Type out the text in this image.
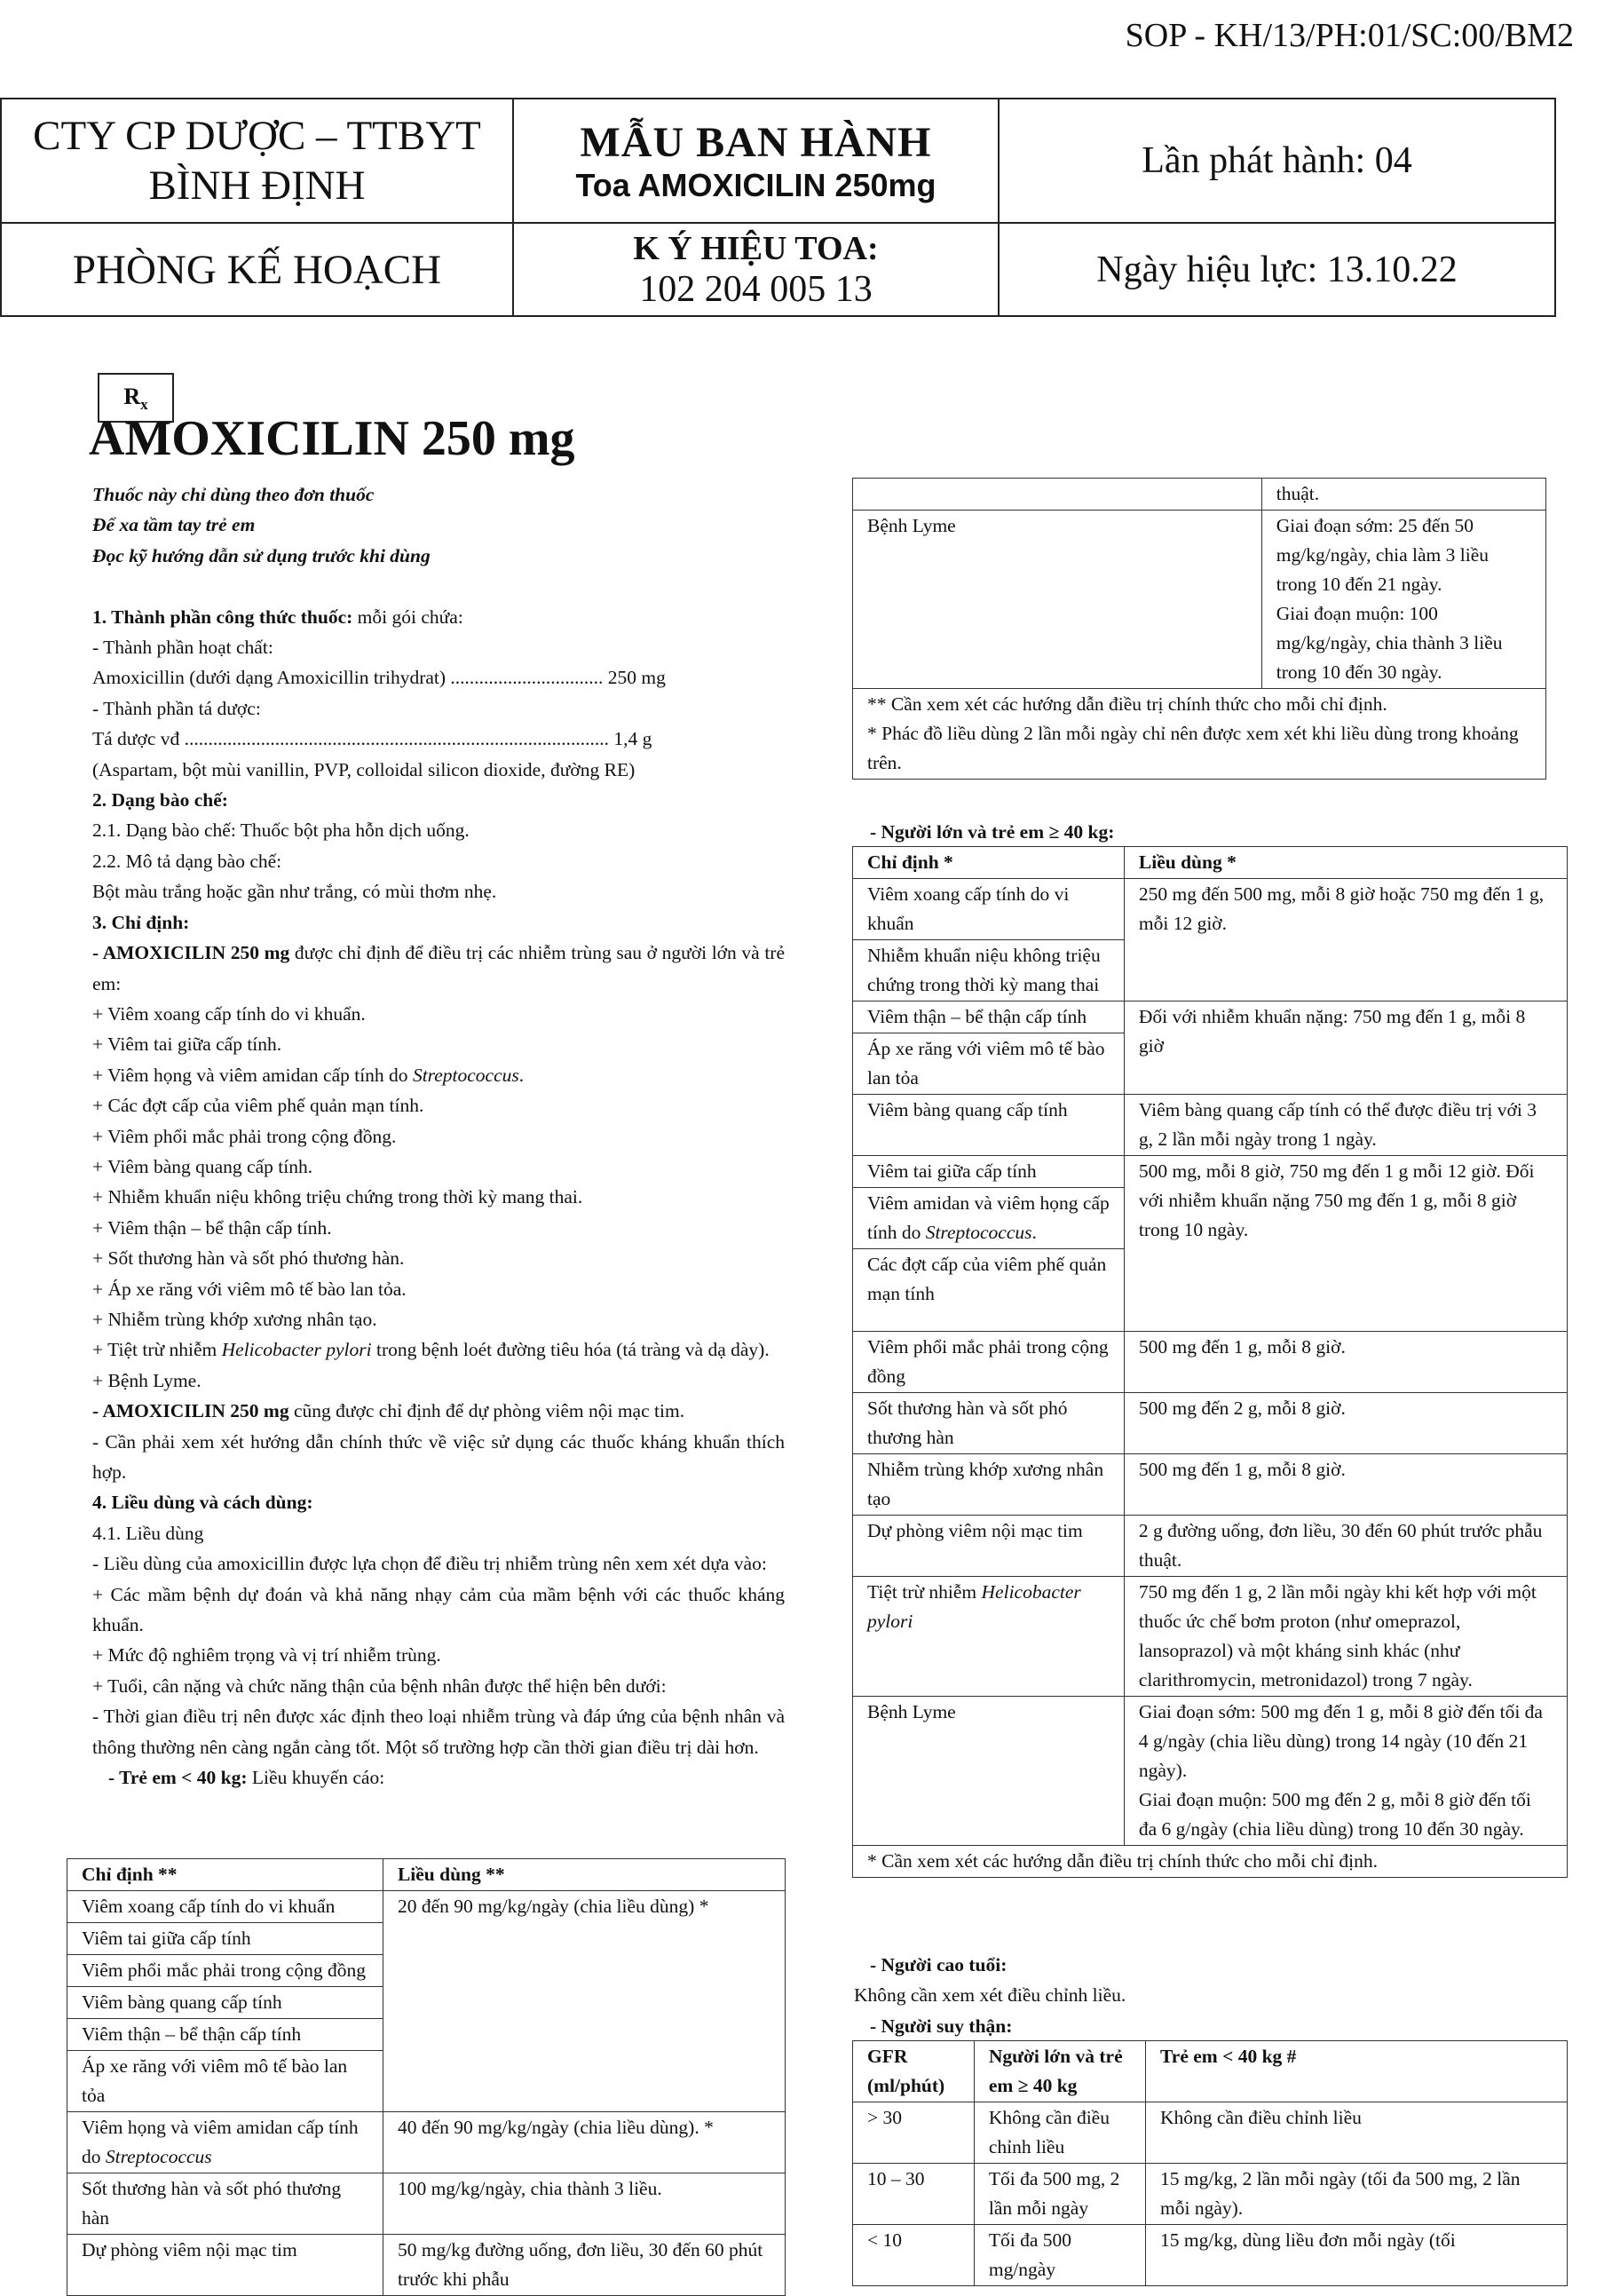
SOP - KH/13/PH:01/SC:00/BM2
CTY CP DƯỢC – TTBYT BÌNH ĐỊNH	MẪU BAN HÀNH
Toa AMOXICILIN 250mg	Lần phát hành: 04
PHÒNG KẾ HOẠCH	K Ý HIỆU TOA:
102 204 005 13	Ngày hiệu lực: 13.10.22
$R_x$
AMOXICILIN 250 mg

Thuốc này chỉ dùng theo đơn thuốc

Để xa tầm tay trẻ em

Đọc kỹ hướng dẫn sử dụng trước khi dùng

1. Thành phần công thức thuốc: mỗi gói chứa:

- Thành phần hoạt chất:

Amoxicillin (dưới dạng Amoxicillin trihydrat) ................................ 250 mg

- Thành phần tá dược:

Tá dược vđ ......................................................................................... 1,4 g

(Aspartam, bột mùi vanillin, PVP, colloidal silicon dioxide, đường RE)

2. Dạng bào chế:

2.1. Dạng bào chế: Thuốc bột pha hỗn dịch uống.

2.2. Mô tả dạng bào chế:

Bột màu trắng hoặc gần như trắng, có mùi thơm nhẹ.

3. Chỉ định:

- AMOXICILIN 250 mg được chỉ định để điều trị các nhiễm trùng sau ở người lớn và trẻ em:

+ Viêm xoang cấp tính do vi khuẩn.

+ Viêm tai giữa cấp tính.

+ Viêm họng và viêm amidan cấp tính do Streptococcus.

+ Các đợt cấp của viêm phế quản mạn tính.

+ Viêm phổi mắc phải trong cộng đồng.

+ Viêm bàng quang cấp tính.

+ Nhiễm khuẩn niệu không triệu chứng trong thời kỳ mang thai.

+ Viêm thận – bể thận cấp tính.

+ Sốt thương hàn và sốt phó thương hàn.

+ Áp xe răng với viêm mô tế bào lan tỏa.

+ Nhiễm trùng khớp xương nhân tạo.

+ Tiệt trừ nhiễm Helicobacter pylori trong bệnh loét đường tiêu hóa (tá tràng và dạ dày).

+ Bệnh Lyme.

- AMOXICILIN 250 mg cũng được chỉ định để dự phòng viêm nội mạc tim.

- Cần phải xem xét hướng dẫn chính thức về việc sử dụng các thuốc kháng khuẩn thích hợp.

4. Liều dùng và cách dùng:

4.1. Liều dùng

- Liều dùng của amoxicillin được lựa chọn để điều trị nhiễm trùng nên xem xét dựa vào:

+ Các mầm bệnh dự đoán và khả năng nhạy cảm của mầm bệnh với các thuốc kháng khuẩn.

+ Mức độ nghiêm trọng và vị trí nhiễm trùng.

+ Tuổi, cân nặng và chức năng thận của bệnh nhân được thể hiện bên dưới:

- Thời gian điều trị nên được xác định theo loại nhiễm trùng và đáp ứng của bệnh nhân và thông thường nên càng ngắn càng tốt. Một số trường hợp cần thời gian điều trị dài hơn.

- Trẻ em < 40 kg: Liều khuyến cáo:

Chỉ định **	Liều dùng **
Viêm xoang cấp tính do vi khuẩn	20 đến 90 mg/kg/ngày (chia liều dùng) *
Viêm tai giữa cấp tính	
Viêm phổi mắc phải trong cộng đồng	
Viêm bàng quang cấp tính	
Viêm thận – bể thận cấp tính	
Áp xe răng với viêm mô tế bào lan tỏa	
Viêm họng và viêm amidan cấp tính do Streptococcus	40 đến 90 mg/kg/ngày (chia liều dùng). *
Sốt thương hàn và sốt phó thương hàn	100 mg/kg/ngày, chia thành 3 liều.
Dự phòng viêm nội mạc tim	50 mg/kg đường uống, đơn liều, 30 đến 60 phút trước khi phẫu
	thuật.
Bệnh Lyme	Giai đoạn sớm: 25 đến 50 mg/kg/ngày, chia làm 3 liều trong 10 đến 21 ngày.
Giai đoạn muộn: 100 mg/kg/ngày, chia thành 3 liều trong 10 đến 30 ngày.

** Cần xem xét các hướng dẫn điều trị chính thức cho mỗi chỉ định.
* Phác đồ liều dùng 2 lần mỗi ngày chỉ nên được xem xét khi liều dùng trong khoảng trên.	
- Người lớn và trẻ em ≥ 40 kg:
Chỉ định *	Liều dùng *
Viêm xoang cấp tính do vi khuẩn	250 mg đến 500 mg, mỗi 8 giờ hoặc 750 mg đến 1 g, mỗi 12 giờ.
Nhiễm khuẩn niệu không triệu chứng trong thời kỳ mang thai	
Viêm thận – bể thận cấp tính	Đối với nhiễm khuẩn nặng: 750 mg đến 1 g, mỗi 8 giờ
Áp xe răng với viêm mô tế bào lan tỏa	
Viêm bàng quang cấp tính	Viêm bàng quang cấp tính có thể được điều trị với 3 g, 2 lần mỗi ngày trong 1 ngày.
Viêm tai giữa cấp tính	500 mg, mỗi 8 giờ, 750 mg đến 1 g mỗi 12 giờ. Đối với nhiễm khuẩn nặng 750 mg đến 1 g, mỗi 8 giờ trong 10 ngày.
Viêm amidan và viêm họng cấp tính do Streptococcus.	
Các đợt cấp của viêm phế quản mạn tính	
Viêm phổi mắc phải trong cộng đồng	500 mg đến 1 g, mỗi 8 giờ.
Sốt thương hàn và sốt phó thương hàn	500 mg đến 2 g, mỗi 8 giờ.
Nhiễm trùng khớp xương nhân tạo	500 mg đến 1 g, mỗi 8 giờ.
Dự phòng viêm nội mạc tim	2 g đường uống, đơn liều, 30 đến 60 phút trước phẫu thuật.
Tiệt trừ nhiễm Helicobacter pylori	750 mg đến 1 g, 2 lần mỗi ngày khi kết hợp với một thuốc ức chế bơm proton (như omeprazol, lansoprazol) và một kháng sinh khác (như clarithromycin, metronidazol) trong 7 ngày.
Bệnh Lyme	Giai đoạn sớm: 500 mg đến 1 g, mỗi 8 giờ đến tối đa 4 g/ngày (chia liều dùng) trong 14 ngày (10 đến 21 ngày).
Giai đoạn muộn: 500 mg đến 2 g, mỗi 8 giờ đến tối đa 6 g/ngày (chia liều dùng) trong 10 đến 30 ngày.

* Cần xem xét các hướng dẫn điều trị chính thức cho mỗi chỉ định.	

- Người cao tuổi:

Không cần xem xét điều chỉnh liều.

- Người suy thận:

GFR (ml/phút)	Người lớn và trẻ em ≥ 40 kg	Trẻ em < 40 kg #
> 30	Không cần điều chỉnh liều	Không cần điều chỉnh liều
10 – 30	Tối đa 500 mg, 2 lần mỗi ngày	15 mg/kg, 2 lần mỗi ngày (tối đa 500 mg, 2 lần mỗi ngày).
< 10	Tối đa 500 mg/ngày	15 mg/kg, dùng liều đơn mỗi ngày (tối
